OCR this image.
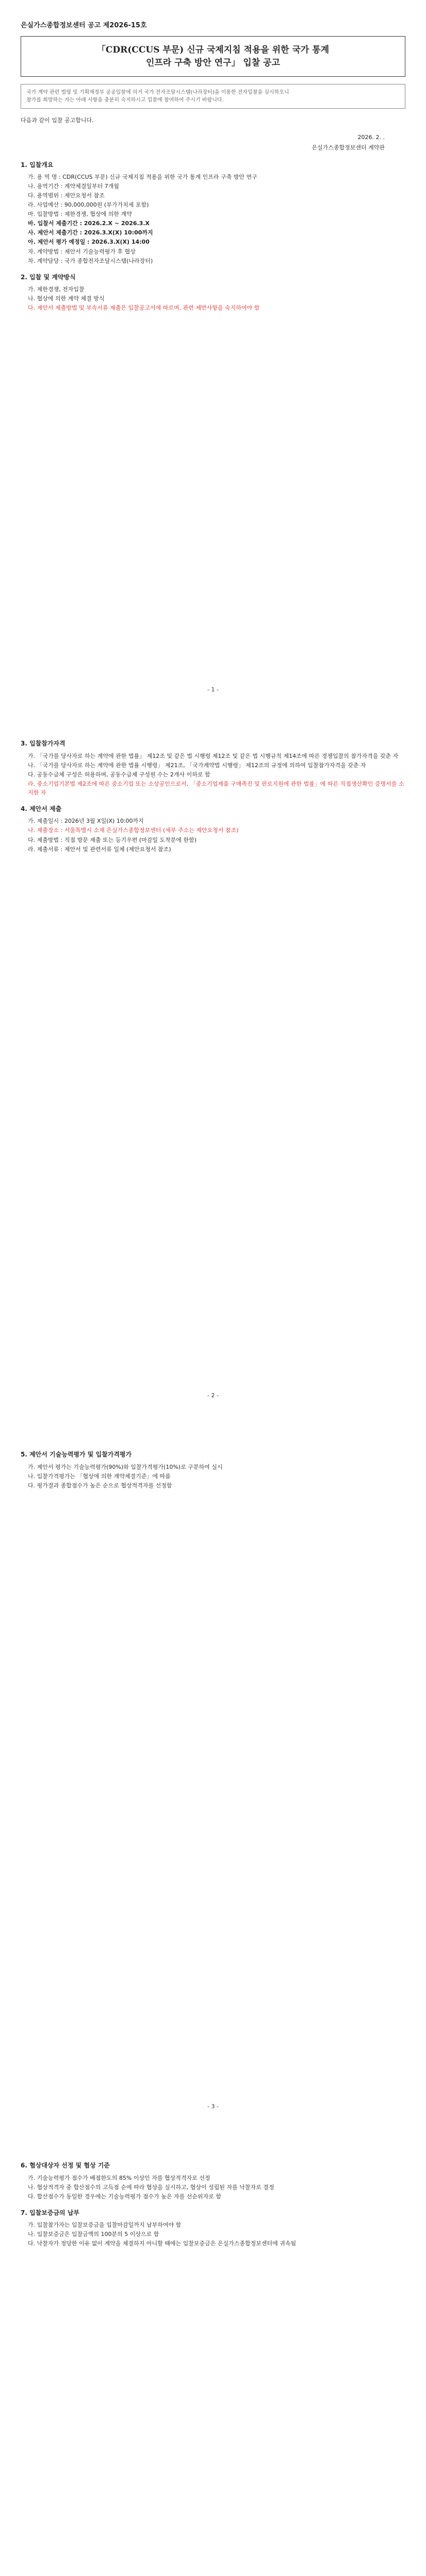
은실가스종합정보센터 공고 제2026-15호
「CDR(CCUS 부문) 신규 국제지침 적용을 위한 국가 통계
인프라 구축 방안 연구」 입찰 공고
국가 계약 관련 법령 및 기획재정부 공공입찰에 의거 국가 전자조달시스템(나라장터)을 이용한 전자입찰을 실시하오니
참가를 희망하는 자는 아래 사항을 충분히 숙지하시고 입찰에 참여하여 주시기 바랍니다.
다음과 같이 입찰 공고합니다.
2026. 2. .
은실가스종합정보센터 계약관
1. 입찰개요
가. 용 역 명 : CDR(CCUS 부문) 신규 국제지침 적용을 위한 국가 통계 인프라 구축 방안 연구
나. 용역기간 : 계약체결일부터 7개월
다. 용역범위 : 제안요청서 참조
라. 사업예산 : 90,000,000원 (부가가치세 포함)
마. 입찰방법 : 제한경쟁, 협상에 의한 계약
바. 입찰서 제출기간 : 2026.2.X ~ 2026.3.X
사. 제안서 제출기간 : 2026.3.X(X) 10:00까지
아. 제안서 평가 예정일 : 2026.3.X(X) 14:00
자. 계약방법 : 제안서 기술능력평가 후 협상
차. 계약담당 : 국가 종합전자조달시스템(나라장터)
2. 입찰 및 계약방식
가. 제한경쟁, 전자입찰
나. 협상에 의한 계약 체결 방식
다. 제안서 제출방법 및 부속서류 제출은 입찰공고서에 따르며, 관련 제반사항을 숙지하여야 함
- 1 -
3. 입찰참가자격
가. 「국가를 당사자로 하는 계약에 관한 법률」 제12조 및 같은 법 시행령 제12조 및 같은 법 시행규칙 제14조에 따른 경쟁입찰의 참가자격을 갖춘 자
나. 「국가를 당사자로 하는 계약에 관한 법률 시행령」 제21조, 「국가계약법 시행령」 제12조의 규정에 의하여 입찰참가자격을 갖춘 자
다. 공동수급체 구성은 허용하며, 공동수급체 구성원 수는 2개사 이하로 함
라. 중소기업기본법 제2조에 따른 중소기업 또는 소상공인으로서, 「중소기업제품 구매촉진 및 판로지원에 관한 법률」에 따른 직접생산확인 증명서를 소지한 자
4. 제안서 제출
가. 제출일시 : 2026년 3월 X일(X) 10:00까지
나. 제출장소 : 서울특별시 소재 은실가스종합정보센터 (세부 주소는 제안요청서 참조)
다. 제출방법 : 직접 방문 제출 또는 등기우편 (마감일 도착분에 한함)
라. 제출서류 : 제안서 및 관련서류 일체 (제안요청서 참조)
- 2 -
5. 제안서 기술능력평가 및 입찰가격평가
가. 제안서 평가는 기술능력평가(90%)와 입찰가격평가(10%)로 구분하여 실시
나. 입찰가격평가는 「협상에 의한 계약체결기준」에 따름
다. 평가결과 종합점수가 높은 순으로 협상적격자를 선정함
- 3 -
6. 협상대상자 선정 및 협상 기준
가. 기술능력평가 점수가 배점한도의 85% 이상인 자를 협상적격자로 선정
나. 협상적격자 중 합산점수의 고득점 순에 따라 협상을 실시하고, 협상이 성립된 자를 낙찰자로 결정
다. 합산점수가 동일한 경우에는 기술능력평가 점수가 높은 자를 선순위자로 함
7. 입찰보증금의 납부
가. 입찰참가자는 입찰보증금을 입찰마감일까지 납부하여야 함
나. 입찰보증금은 입찰금액의 100분의 5 이상으로 함
다. 낙찰자가 정당한 이유 없이 계약을 체결하지 아니할 때에는 입찰보증금은 은실가스종합정보센터에 귀속됨
